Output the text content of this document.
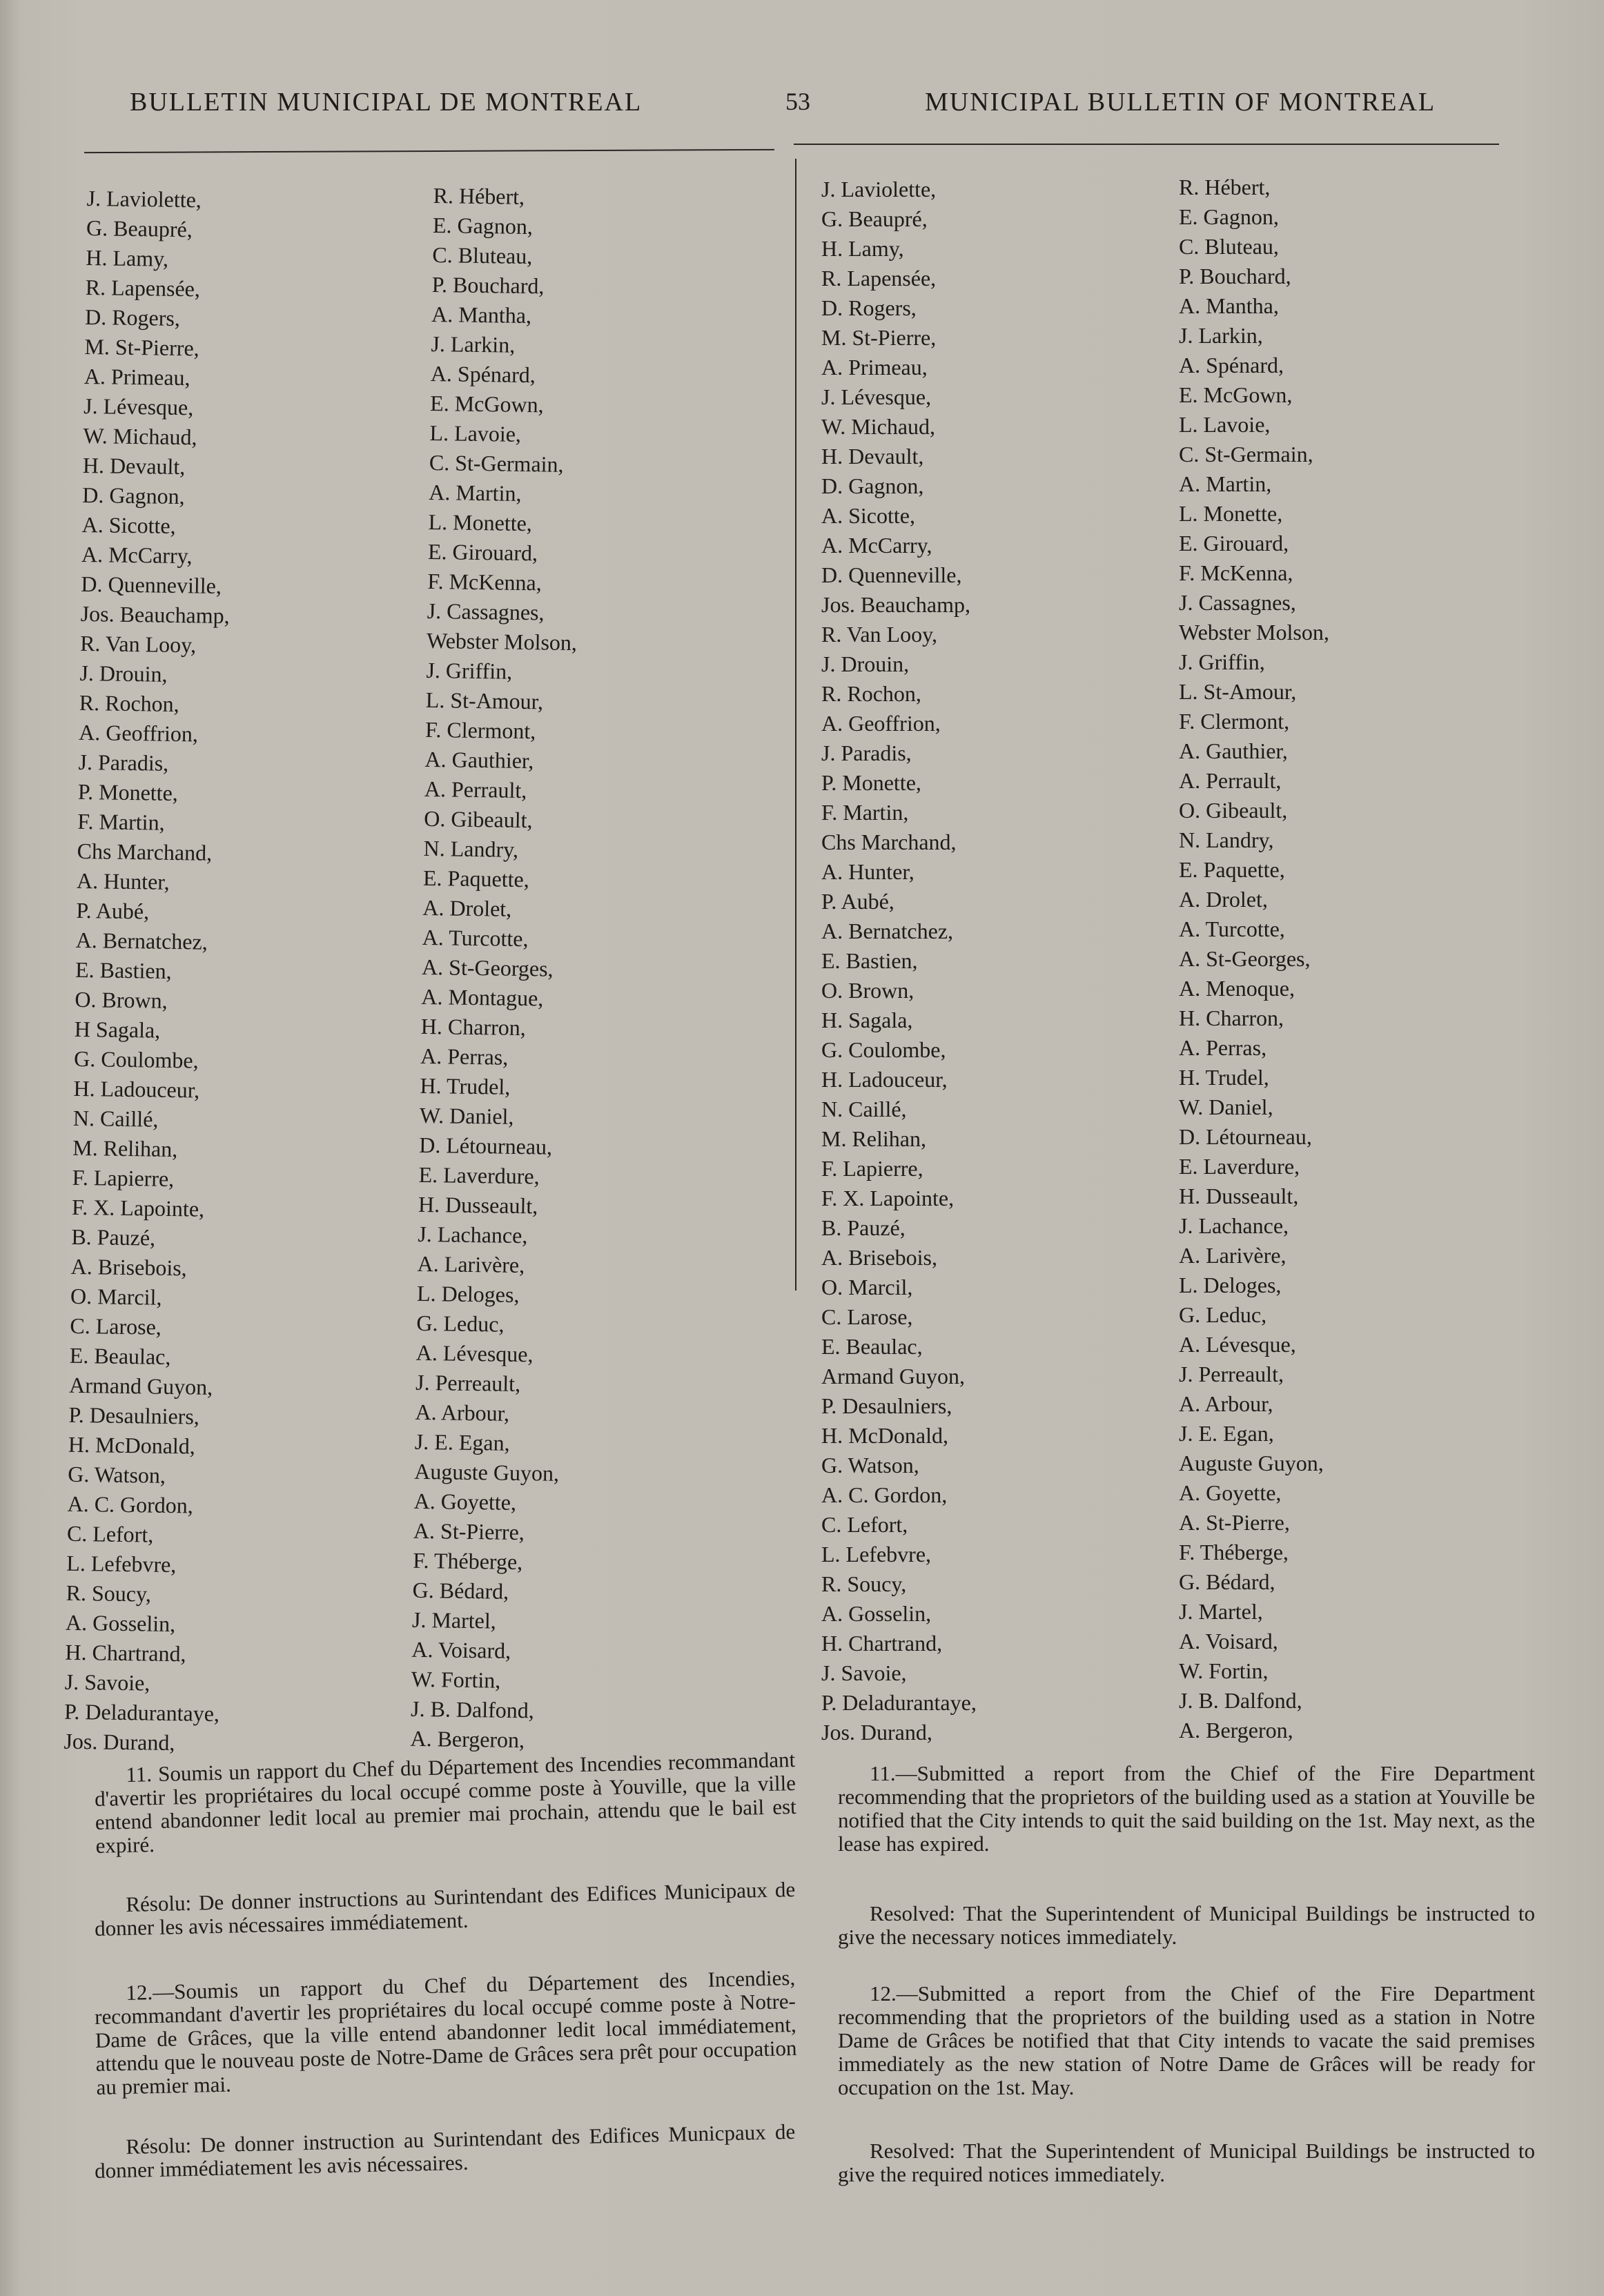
BULLETIN MUNICIPAL DE MONTREAL	53	MUNICIPAL BULLETIN OF MONTREAL
J. Laviolette,
G. Beaupré,
H. Lamy,
R. Lapensée,
D. Rogers,
M. St-Pierre,
A. Primeau,
J. Lévesque,
W. Michaud,
H. Devault,
D. Gagnon,
A. Sicotte,
A. McCarry,
D. Quenneville,
Jos. Beauchamp,
R. Van Looy,
J. Drouin,
R. Rochon,
A. Geoffrion,
J. Paradis,
P. Monette,
F. Martin,
Chs Marchand,
A. Hunter,
P. Aubé,
A. Bernatchez,
E. Bastien,
O. Brown,
H Sagala,
G. Coulombe,
H. Ladouceur,
N. Caillé,
M. Relihan,
F. Lapierre,
F. X. Lapointe,
B. Pauzé,
A. Brisebois,
O. Marcil,
C. Larose,
E. Beaulac,
Armand Guyon,
P. Desaulniers,
H. McDonald,
G. Watson,
A. C. Gordon,
C. Lefort,
L. Lefebvre,
R. Soucy,
A. Gosselin,
H. Chartrand,
J. Savoie,
P. Deladurantaye,
Jos. Durand,
R. Hébert,
E. Gagnon,
C. Bluteau,
P. Bouchard,
A. Mantha,
J. Larkin,
A. Spénard,
E. McGown,
L. Lavoie,
C. St-Germain,
A. Martin,
L. Monette,
E. Girouard,
F. McKenna,
J. Cassagnes,
Webster Molson,
J. Griffin,
L. St-Amour,
F. Clermont,
A. Gauthier,
A. Perrault,
O. Gibeault,
N. Landry,
E. Paquette,
A. Drolet,
A. Turcotte,
A. St-Georges,
A. Montague,
H. Charron,
A. Perras,
H. Trudel,
W. Daniel,
D. Létourneau,
E. Laverdure,
H. Dusseault,
J. Lachance,
A. Larivère,
L. Deloges,
G. Leduc,
A. Lévesque,
J. Perreault,
A. Arbour,
J. E. Egan,
Auguste Guyon,
A. Goyette,
A. St-Pierre,
F. Théberge,
G. Bédard,
J. Martel,
A. Voisard,
W. Fortin,
J. B. Dalfond,
A. Bergeron,
J. Laviolette,
G. Beaupré,
H. Lamy,
R. Lapensée,
D. Rogers,
M. St-Pierre,
A. Primeau,
J. Lévesque,
W. Michaud,
H. Devault,
D. Gagnon,
A. Sicotte,
A. McCarry,
D. Quenneville,
Jos. Beauchamp,
R. Van Looy,
J. Drouin,
R. Rochon,
A. Geoffrion,
J. Paradis,
P. Monette,
F. Martin,
Chs Marchand,
A. Hunter,
P. Aubé,
A. Bernatchez,
E. Bastien,
O. Brown,
H. Sagala,
G. Coulombe,
H. Ladouceur,
N. Caillé,
M. Relihan,
F. Lapierre,
F. X. Lapointe,
B. Pauzé,
A. Brisebois,
O. Marcil,
C. Larose,
E. Beaulac,
Armand Guyon,
P. Desaulniers,
H. McDonald,
G. Watson,
A. C. Gordon,
C. Lefort,
L. Lefebvre,
R. Soucy,
A. Gosselin,
H. Chartrand,
J. Savoie,
P. Deladurantaye,
Jos. Durand,
R. Hébert,
E. Gagnon,
C. Bluteau,
P. Bouchard,
A. Mantha,
J. Larkin,
A. Spénard,
E. McGown,
L. Lavoie,
C. St-Germain,
A. Martin,
L. Monette,
E. Girouard,
F. McKenna,
J. Cassagnes,
Webster Molson,
J. Griffin,
L. St-Amour,
F. Clermont,
A. Gauthier,
A. Perrault,
O. Gibeault,
N. Landry,
E. Paquette,
A. Drolet,
A. Turcotte,
A. St-Georges,
A. Menoque,
H. Charron,
A. Perras,
H. Trudel,
W. Daniel,
D. Létourneau,
E. Laverdure,
H. Dusseault,
J. Lachance,
A. Larivère,
L. Deloges,
G. Leduc,
A. Lévesque,
J. Perreault,
A. Arbour,
J. E. Egan,
Auguste Guyon,
A. Goyette,
A. St-Pierre,
F. Théberge,
G. Bédard,
J. Martel,
A. Voisard,
W. Fortin,
J. B. Dalfond,
A. Bergeron,

11. Soumis un rapport du Chef du Département des Incendies recommandant d'avertir les propriétaires du local occupé comme poste à Youville, que la ville entend abandonner ledit local au premier mai prochain, attendu que le bail est expiré.

Résolu: De donner instructions au Surintendant des Edifices Municipaux de donner les avis nécessaires immédiatement.

12.—Soumis un rapport du Chef du Département des Incendies, recommandant d'avertir les propriétaires du local occupé comme poste à Notre-Dame de Grâces, que la ville entend abandonner ledit local immédiatement, attendu que le nouveau poste de Notre-Dame de Grâces sera prêt pour occupation au premier mai.

Résolu: De donner instruction au Surintendant des Edifices Municpaux de donner immédiatement les avis nécessaires.

11.—Submitted a report from the Chief of the Fire Department recommending that the proprietors of the building used as a station at Youville be notified that the City intends to quit the said building on the 1st. May next, as the lease has expired.

Resolved: That the Superintendent of Municipal Buildings be instructed to give the necessary notices immediately.

12.—Submitted a report from the Chief of the Fire Department recommending that the proprietors of the building used as a station in Notre Dame de Grâces be notified that that City intends to vacate the said premises immediately as the new station of Notre Dame de Grâces will be ready for occupation on the 1st. May.

Resolved: That the Superintendent of Municipal Buildings be instructed to give the required notices immediately.
